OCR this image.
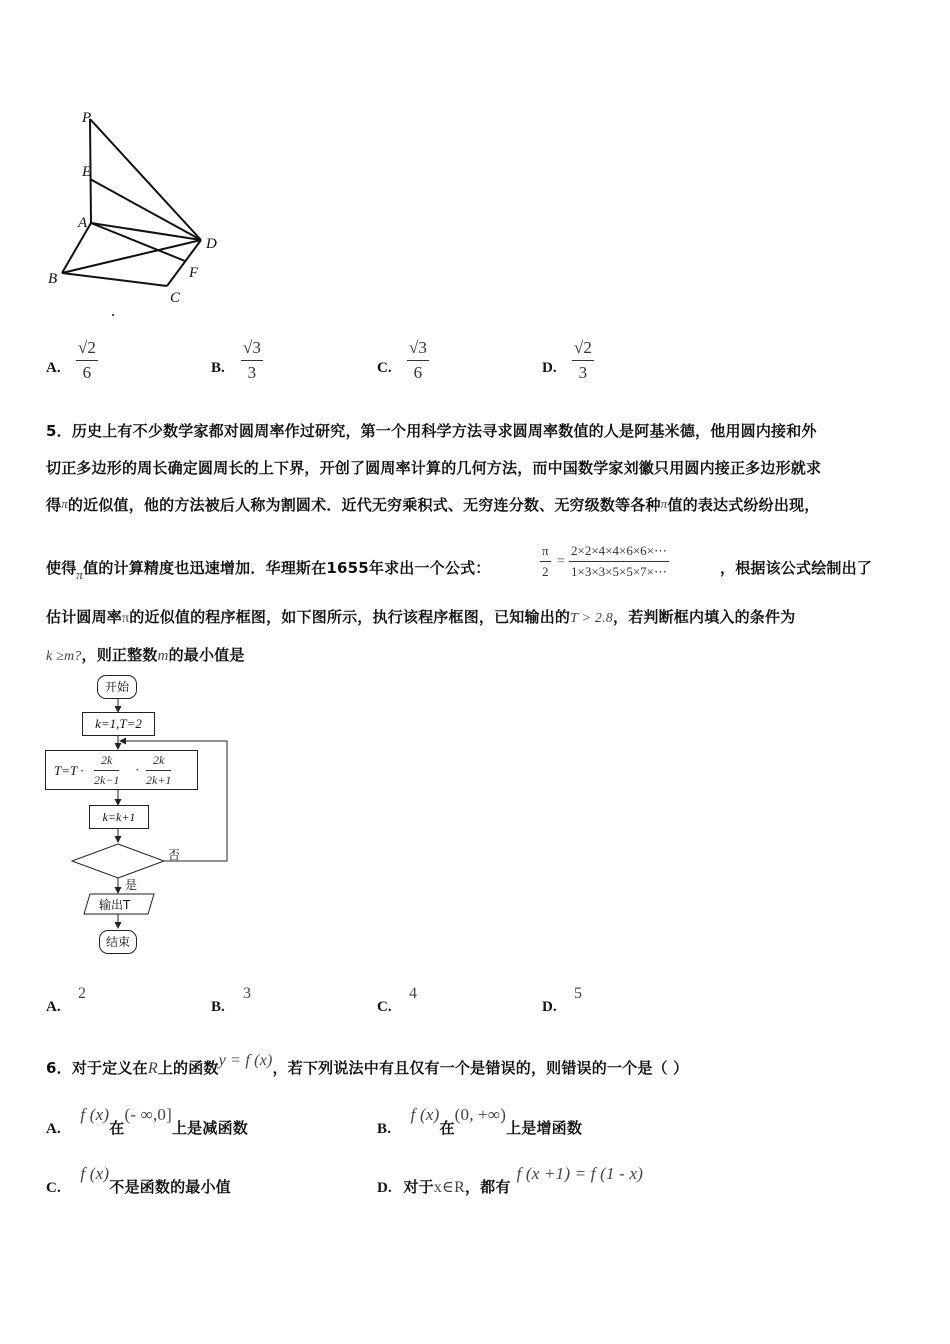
P
E
A
D
B	F
C
A.
√2
6	B.
√3
3	C.
√3
6	D.
√2
3
5．历史上有不少数学家都对圆周率作过研究，第一个用科学方法寻求圆周率数值的人是阿基米德，他用圆内接和外
切正多边形的周长确定圆周长的上下界，开创了圆周率计算的几何方法，而中国数学家刘徽只用圆内接正多边形就求
得π的近似值，他的方法被后人称为割圆术．近代无穷乘积式、无穷连分数、无穷级数等各种π值的表达式纷纷出现，
使得π值的计算精度也迅速增加．华理斯在1655年求出一个公式：
π
2
=
2×2×4×4×6×6×⋯
1×3×3×5×5×7×⋯	，根据该公式绘制出了
估计圆周率π的近似值的程序框图，如下图所示，执行该程序框图，已知输出的T > 2.8，若判断框内填入的条件为
k ≥m?，则正整数m的最小值是
开始
k=1,T=2
T=T ·
2k
2k−1
·
2k
2k+1
k=k+1
否
是
输出T
结束
A.
2
B.
3
C.
4
D.
5
6．对于定义在R上的函数y = f (x)，若下列说法中有且仅有一个是错误的，则错误的一个是（ ）
A. f (x)在(- ∞,0]上是减函数	B. f (x)在(0, +∞)上是增函数
C. f (x)不是函数的最小值	D. 对于x∈R，都有f (x +1) = f (1 - x)
